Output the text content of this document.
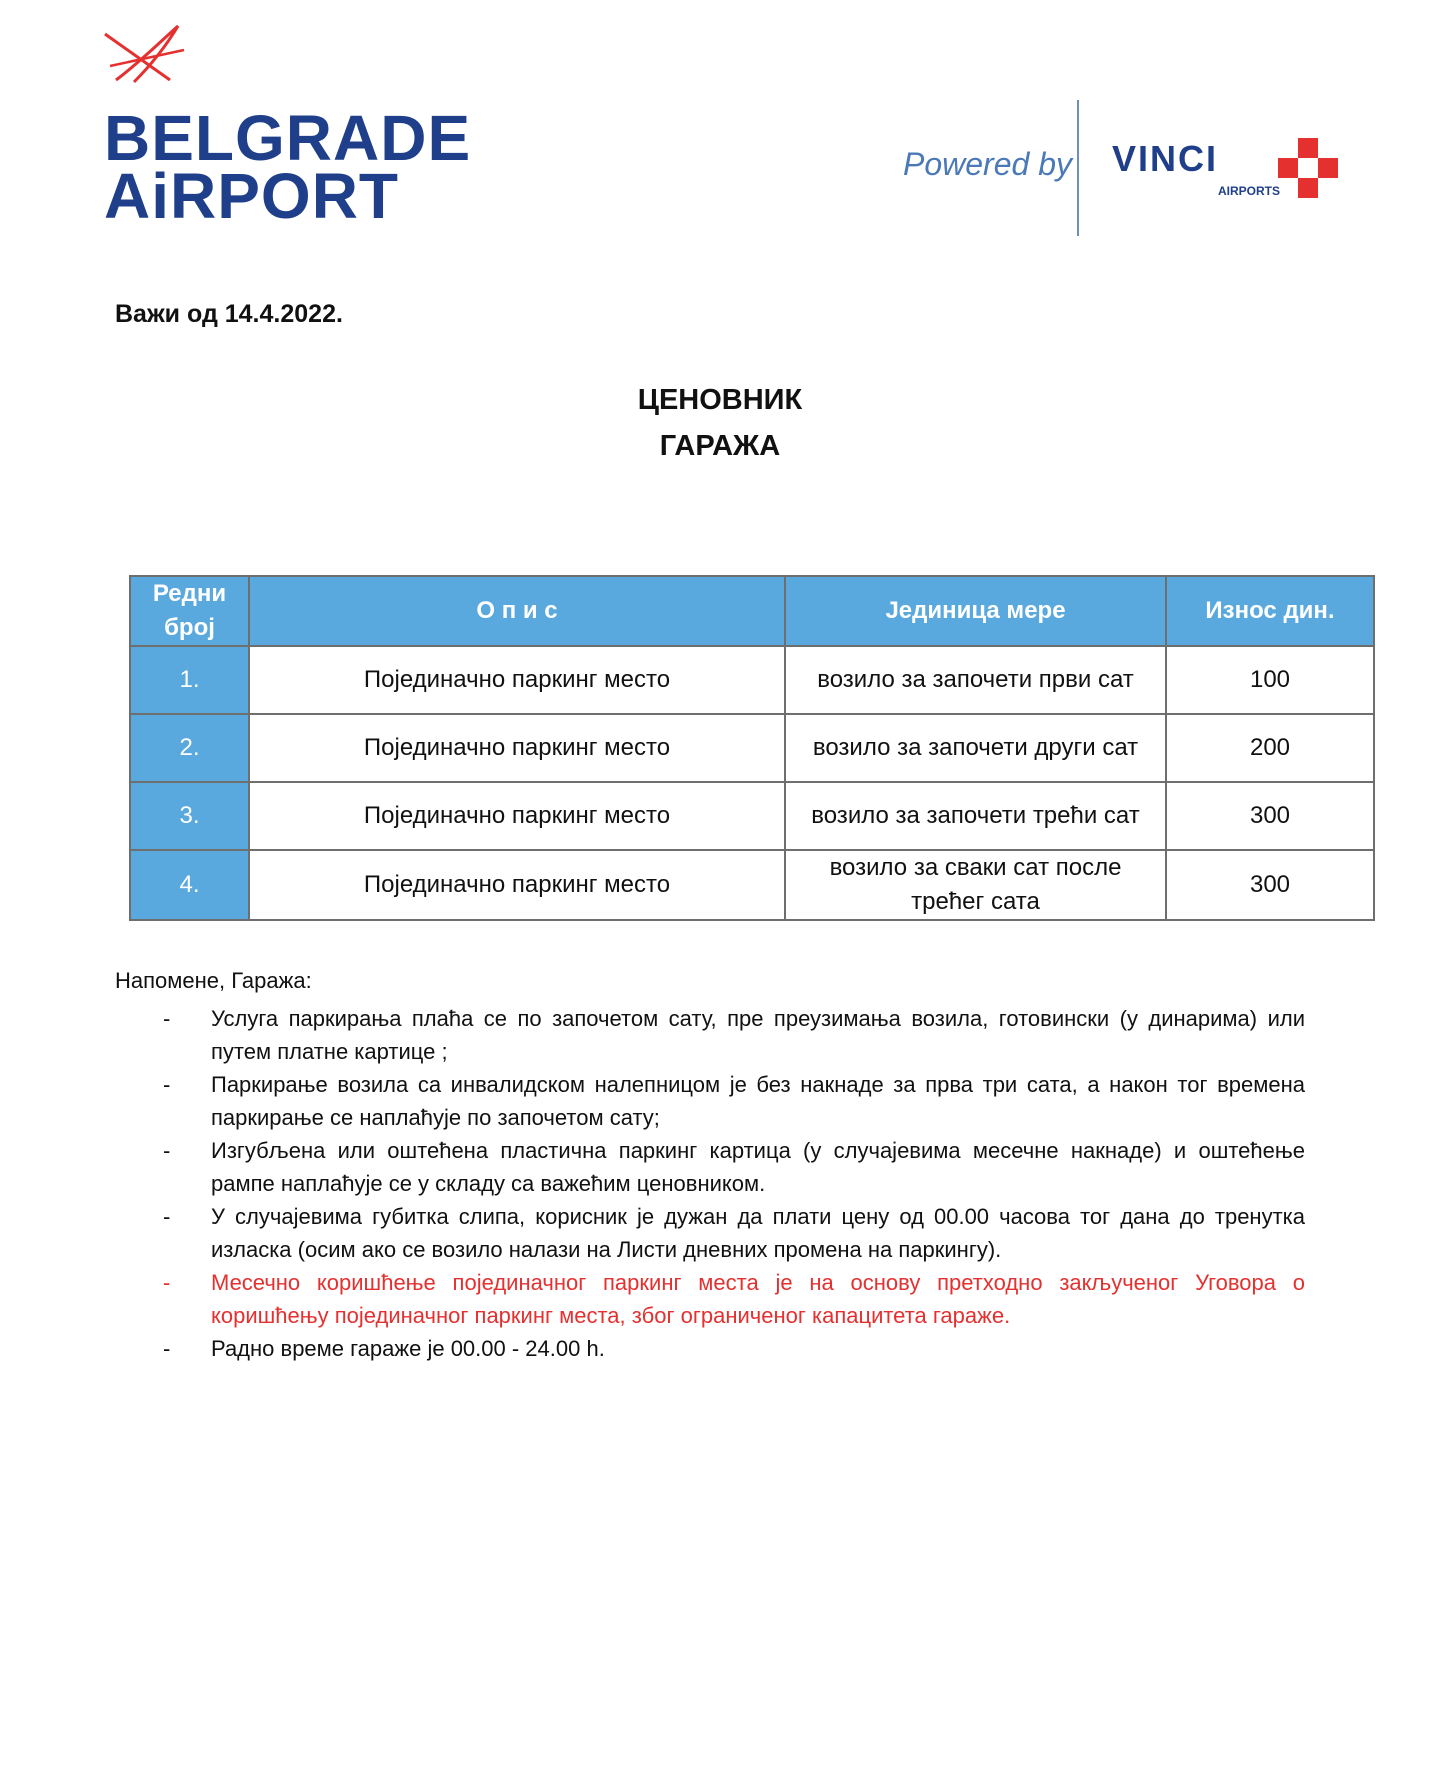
BELGRADE
AiRPORT	Powered by VINCI
AIRPORTS
Важи од 14.4.2022.
ЦЕНОВНИК
ГАРАЖА
Редни број	О п и с	Јединица мере	Износ дин.
1.	Појединачно паркинг место	возило за започети први сат	100
2.	Појединачно паркинг место	возило за започети други сат	200
3.	Појединачно паркинг место	возило за започети трећи сат	300
4.	Појединачно паркинг место	возило за сваки сат после трећег сата	300
Напомене, Гаража:
- Услуга паркирања плаћа се по започетом сату, пре преузимања возила, готовински (у динарима) или путем платне картице ;
- Паркирање возила са инвалидском налепницом је без накнаде за прва три сата, а након тог времена паркирање се наплаћује по започетом сату;
- Изгубљена или оштећена пластична паркинг картица (у случајевима месечне накнаде) и оштећење рампе наплаћује се у складу са важећим ценовником.
- У случајевима губитка слипа, корисник је дужан да плати цену од 00.00 часова тог дана до тренутка изласка (осим ако се возило налази на Листи дневних промена на паркингу).
- Месечно коришћење појединачног паркинг места је на основу претходно закљученог Уговора о коришћењу појединачног паркинг места, због ограниченог капацитета гараже.
- Радно време гараже је 00.00 - 24.00 h.
